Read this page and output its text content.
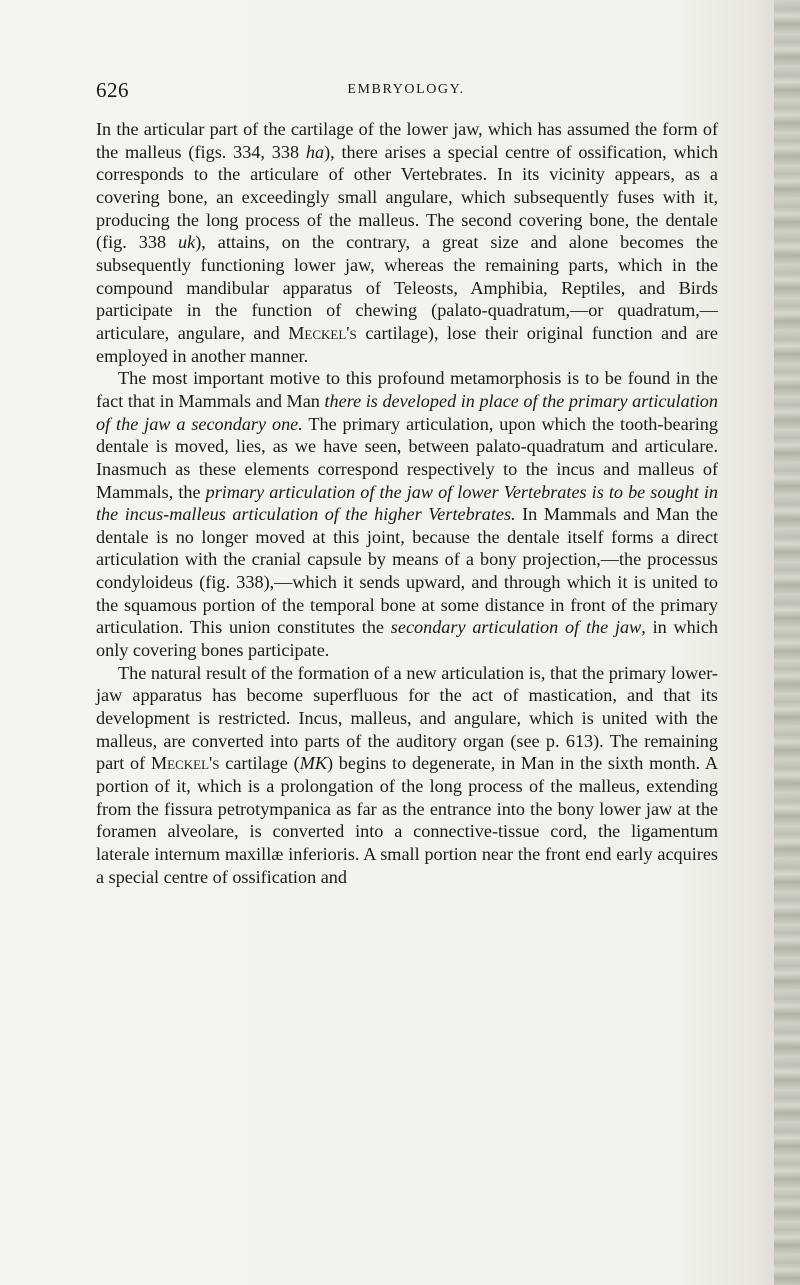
626	EMBRYOLOGY.

In the articular part of the cartilage of the lower jaw, which has assumed the form of the malleus (figs. 334, 338 ha), there arises a special centre of ossification, which corresponds to the articulare of other Vertebrates. In its vicinity appears, as a covering bone, an exceedingly small angulare, which subsequently fuses with it, producing the long process of the malleus. The second covering bone, the dentale (fig. 338 uk), attains, on the contrary, a great size and alone becomes the subsequently functioning lower jaw, whereas the remaining parts, which in the compound mandibular apparatus of Teleosts, Amphibia, Reptiles, and Birds participate in the function of chewing (palato-quadratum,—or quadratum,—articulare, angulare, and Meckel's cartilage), lose their original function and are employed in another manner.

The most important motive to this profound metamorphosis is to be found in the fact that in Mammals and Man there is developed in place of the primary articulation of the jaw a secondary one. The primary articulation, upon which the tooth-bearing dentale is moved, lies, as we have seen, between palato-quadratum and articulare. Inasmuch as these elements correspond respectively to the incus and malleus of Mammals, the primary articulation of the jaw of lower Vertebrates is to be sought in the incus-malleus articulation of the higher Vertebrates. In Mammals and Man the dentale is no longer moved at this joint, because the dentale itself forms a direct articulation with the cranial capsule by means of a bony projection,—the processus condyloideus (fig. 338),—which it sends upward, and through which it is united to the squamous portion of the temporal bone at some distance in front of the primary articulation. This union constitutes the secondary articulation of the jaw, in which only covering bones participate.

The natural result of the formation of a new articulation is, that the primary lower-jaw apparatus has become superfluous for the act of mastication, and that its development is restricted. Incus, malleus, and angulare, which is united with the malleus, are converted into parts of the auditory organ (see p. 613). The remaining part of Meckel's cartilage (MK) begins to degenerate, in Man in the sixth month. A portion of it, which is a prolongation of the long process of the malleus, extending from the fissura petrotympanica as far as the entrance into the bony lower jaw at the foramen alveolare, is converted into a connective-tissue cord, the ligamentum laterale internum maxillæ inferioris. A small portion near the front end early acquires a special centre of ossification and
